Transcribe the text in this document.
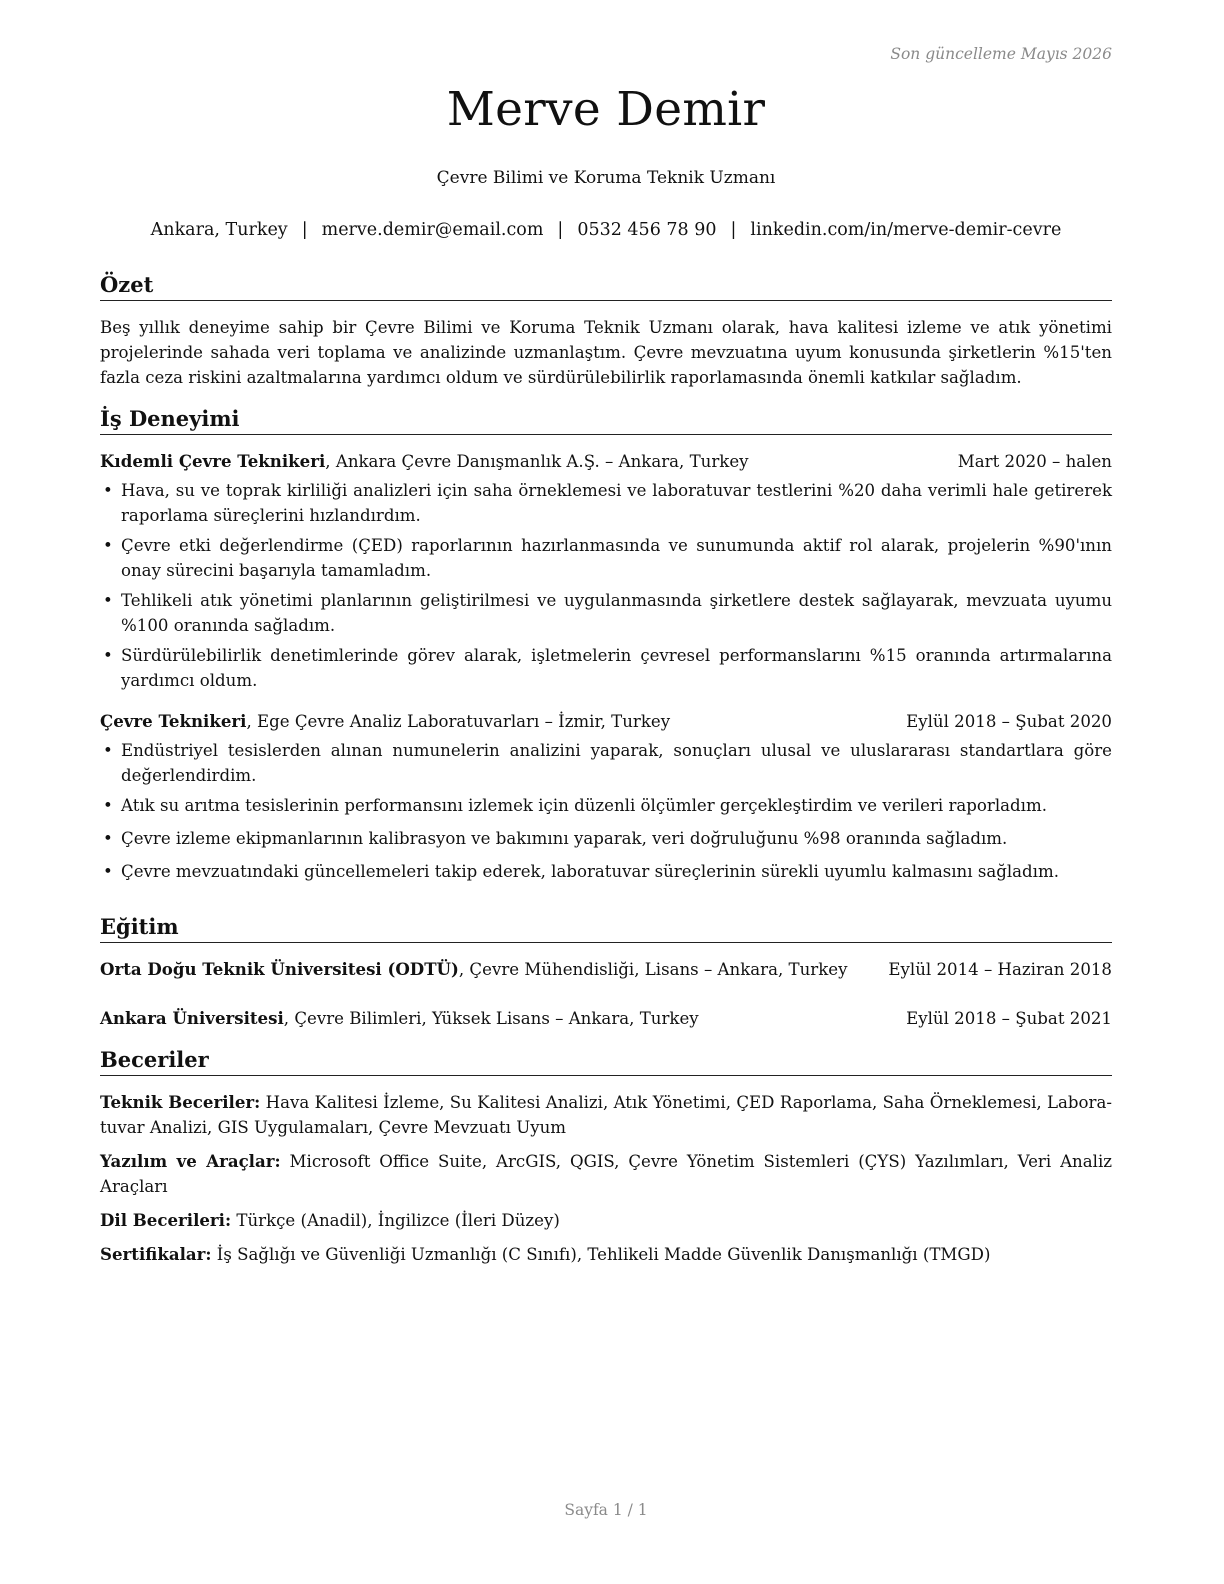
Son güncelleme Mayıs 2026
Merve Demir
Çevre Bilimi ve Koruma Teknik Uzmanı
Ankara, Turkey | merve.demir@email.com | 0532 456 78 90 | linkedin.com/in/merve-demir-cevre
Özet

Beş yıllık deneyime sahip bir Çevre Bilimi ve Koruma Teknik Uzmanı olarak, hava kalitesi izleme ve atık yönetimi projelerinde sahada veri toplama ve analizinde uzmanlaştım. Çevre mevzuatına uyum konusunda şirketlerin %15'ten fazla ceza riskini azaltmalarına yardımcı oldum ve sürdürülebilirlik raporlamasında önemli katkılar sağladım.

İş Deneyimi
Kıdemli Çevre Teknikeri, Ankara Çevre Danışmanlık A.Ş. – Ankara, Turkey	Mart 2020 – halen
• Hava, su ve toprak kirliliği analizleri için saha örneklemesi ve laboratuvar testlerini %20 daha verimli hale getirerek raporlama süreçlerini hızlandırdım.
• Çevre etki değerlendirme (ÇED) raporlarının hazırlanmasında ve sunumunda aktif rol alarak, projelerin %90'ının onay sürecini başarıyla tamamladım.
• Tehlikeli atık yönetimi planlarının geliştirilmesi ve uygulanmasında şirketlere destek sağlayarak, mevzuata uyumu %100 oranında sağladım.
• Sürdürülebilirlik denetimlerinde görev alarak, işletmelerin çevresel performanslarını %15 oranında artırmalarına yardımcı oldum.
Çevre Teknikeri, Ege Çevre Analiz Laboratuvarları – İzmir, Turkey	Eylül 2018 – Şubat 2020
• Endüstriyel tesislerden alınan numunelerin analizini yaparak, sonuçları ulusal ve uluslararası standartlara göre değerlendirdim.
• Atık su arıtma tesislerinin performansını izlemek için düzenli ölçümler gerçekleştirdim ve verileri raporladım.
• Çevre izleme ekipmanlarının kalibrasyon ve bakımını yaparak, veri doğruluğunu %98 oranında sağladım.
• Çevre mevzuatındaki güncellemeleri takip ederek, laboratuvar süreçlerinin sürekli uyumlu kalmasını sağladım.
Eğitim
Orta Doğu Teknik Üniversitesi (ODTÜ), Çevre Mühendisliği, Lisans – Ankara, Turkey Eylül 2014 – Haziran 2018
Ankara Üniversitesi, Çevre Bilimleri, Yüksek Lisans – Ankara, Turkey	Eylül 2018 – Şubat 2021
Beceriler
Teknik Beceriler: Hava Kalitesi İzleme, Su Kalitesi Analizi, Atık Yönetimi, ÇED Raporlama, Saha Örneklemesi, Laboratuvar Analizi, GIS Uygulamaları, Çevre Mevzuatı Uyum
Yazılım ve Araçlar: Microsoft Office Suite, ArcGIS, QGIS, Çevre Yönetim Sistemleri (ÇYS) Yazılımları, Veri Analiz Araçları
Dil Becerileri: Türkçe (Anadil), İngilizce (İleri Düzey)
Sertifikalar: İş Sağlığı ve Güvenliği Uzmanlığı (C Sınıfı), Tehlikeli Madde Güvenlik Danışmanlığı (TMGD)
Sayfa 1 / 1
